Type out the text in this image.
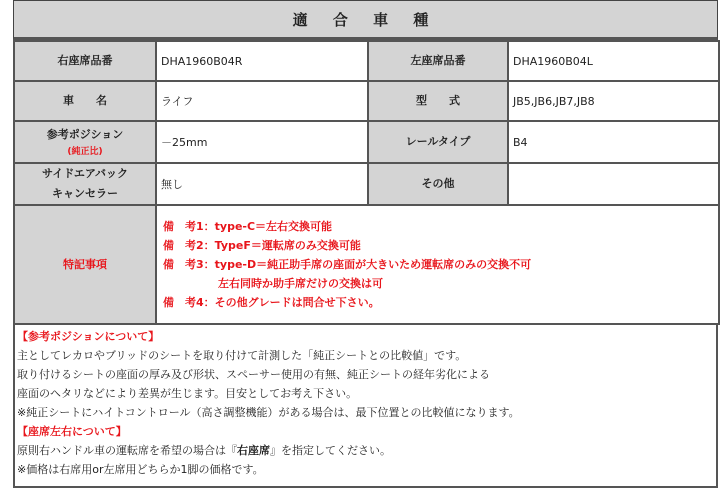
適 合 車 種
右座席品番	DHA1960B04R	左座席品番	DHA1960B04L
車　　名	ライフ	型　　式	JB5,JB6,JB7,JB8

参考ポジション
(純正比)	－25mm	レールタイプ	B4

サイドエアバック
キャンセラー	無し	その他	
特記事項	備　考1：type-C＝左右交換可能
備　考2：TypeF＝運転席のみ交換可能
備　考3：type-D＝純正助手席の座面が大きいため運転席のみの交換不可
　　　　　左右同時か助手席だけの交換は可
備　考4：その他グレードは問合せ下さい。		
【参考ポジションについて】
主としてレカロやブリッドのシートを取り付けて計測した「純正シートとの比較値」です。
取り付けるシートの座面の厚み及び形状、スペーサー使用の有無、純正シートの経年劣化による
座面のヘタリなどにより差異が生じます。目安としてお考え下さい。
※純正シートにハイトコントロール（高さ調整機能）がある場合は、最下位置との比較値になります。
【座席左右について】
原則右ハンドル車の運転席を希望の場合は『右座席』を指定してください。
※価格は右席用or左席用どちらか1脚の価格です。
